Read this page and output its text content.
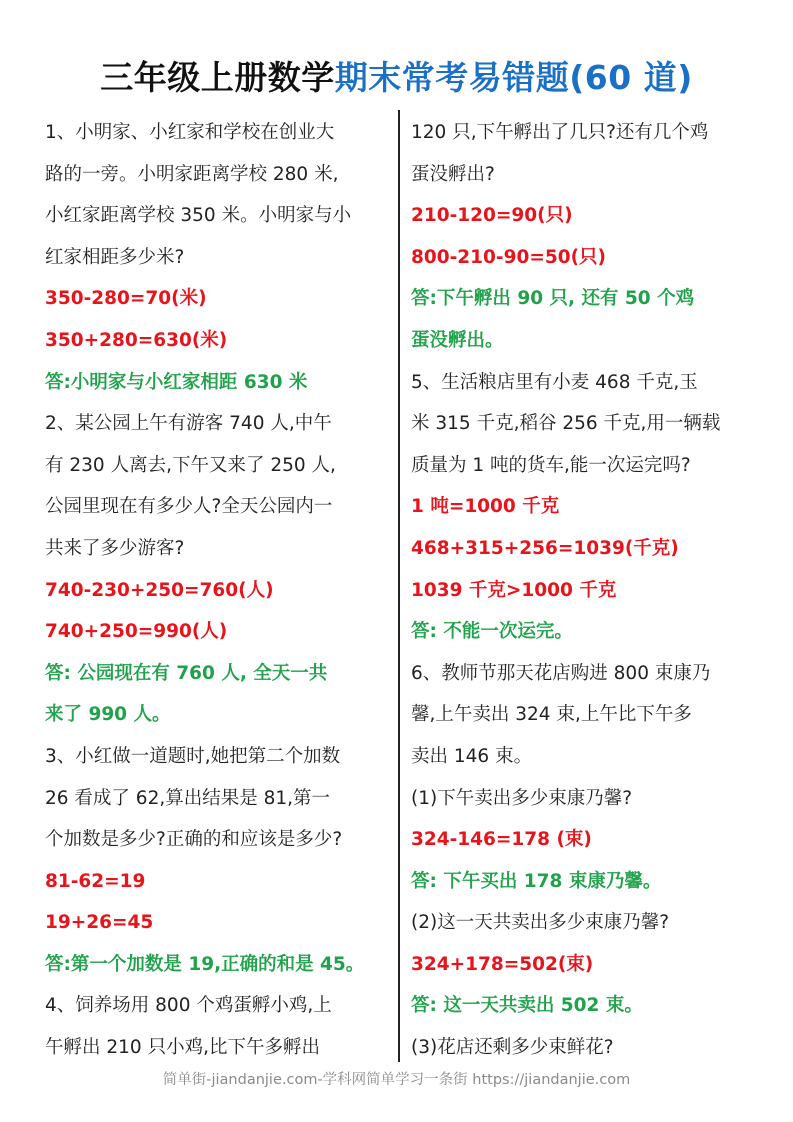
三年级上册数学期末常考易错题(60 道)
1、小明家、小红家和学校在创业大
路的一旁。小明家距离学校 280 米,
小红家距离学校 350 米。小明家与小
红家相距多少米?
350-280=70(米)
350+280=630(米)
答:小明家与小红家相距 630 米
2、某公园上午有游客 740 人,中午
有 230 人离去,下午又来了 250 人,
公园里现在有多少人?全天公园内一
共来了多少游客?
740-230+250=760(人)
740+250=990(人)
答: 公园现在有 760 人, 全天一共
来了 990 人。
3、小红做一道题时,她把第二个加数
26 看成了 62,算出结果是 81,第一
个加数是多少?正确的和应该是多少?
81-62=19
19+26=45
答:第一个加数是 19,正确的和是 45。
4、饲养场用 800 个鸡蛋孵小鸡,上
午孵出 210 只小鸡,比下午多孵出
120 只,下午孵出了几只?还有几个鸡
蛋没孵出?
210-120=90(只)
800-210-90=50(只)
答:下午孵出 90 只, 还有 50 个鸡
蛋没孵出。
5、生活粮店里有小麦 468 千克,玉
米 315 千克,稻谷 256 千克,用一辆载
质量为 1 吨的货车,能一次运完吗?
1 吨=1000 千克
468+315+256=1039(千克)
1039 千克>1000 千克
答: 不能一次运完。
6、教师节那天花店购进 800 束康乃
馨,上午卖出 324 束,上午比下午多
卖出 146 束。
(1)下午卖出多少束康乃馨?
324-146=178 (束)
答: 下午买出 178 束康乃馨。
(2)这一天共卖出多少束康乃馨?
324+178=502(束)
答: 这一天共卖出 502 束。
(3)花店还剩多少束鲜花?
简单街-jiandanjie.com-学科网简单学习一条街 https://jiandanjie.com
